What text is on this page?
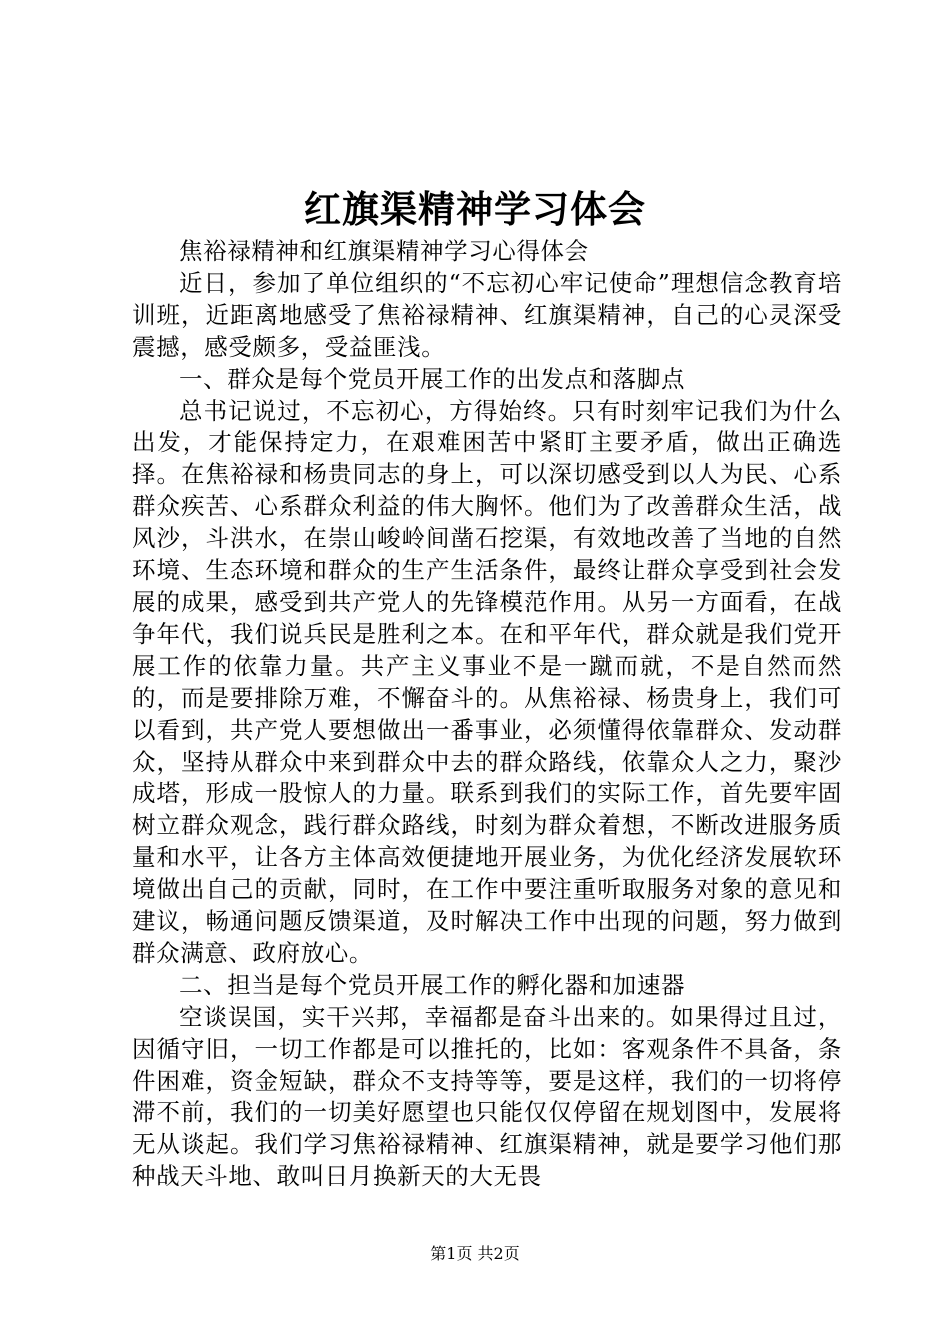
红旗渠精神学习体会

焦裕禄精神和红旗渠精神学习心得体会

近日，参加了单位组织的“不忘初心牢记使命”理想信念教育培训班，近距离地感受了焦裕禄精神、红旗渠精神，自己的心灵深受震撼，感受颇多，受益匪浅。

一、群众是每个党员开展工作的出发点和落脚点

总书记说过，不忘初心，方得始终。只有时刻牢记我们为什么出发，才能保持定力，在艰难困苦中紧盯主要矛盾，做出正确选择。在焦裕禄和杨贵同志的身上，可以深切感受到以人为民、心系群众疾苦、心系群众利益的伟大胸怀。他们为了改善群众生活，战风沙，斗洪水，在崇山峻岭间凿石挖渠，有效地改善了当地的自然环境、生态环境和群众的生产生活条件，最终让群众享受到社会发展的成果，感受到共产党人的先锋模范作用。从另一方面看，在战争年代，我们说兵民是胜利之本。在和平年代，群众就是我们党开展工作的依靠力量。共产主义事业不是一蹴而就，不是自然而然的，而是要排除万难，不懈奋斗的。从焦裕禄、杨贵身上，我们可以看到，共产党人要想做出一番事业，必须懂得依靠群众、发动群众，坚持从群众中来到群众中去的群众路线，依靠众人之力，聚沙成塔，形成一股惊人的力量。联系到我们的实际工作，首先要牢固树立群众观念，践行群众路线，时刻为群众着想，不断改进服务质量和水平，让各方主体高效便捷地开展业务，为优化经济发展软环境做出自己的贡献，同时，在工作中要注重听取服务对象的意见和建议，畅通问题反馈渠道，及时解决工作中出现的问题，努力做到群众满意、政府放心。

二、担当是每个党员开展工作的孵化器和加速器

空谈误国，实干兴邦，幸福都是奋斗出来的。如果得过且过，因循守旧，一切工作都是可以推托的，比如：客观条件不具备，条件困难，资金短缺，群众不支持等等，要是这样，我们的一切将停滞不前，我们的一切美好愿望也只能仅仅停留在规划图中，发展将无从谈起。我们学习焦裕禄精神、红旗渠精神，就是要学习他们那种战天斗地、敢叫日月换新天的大无畏

第1页 共2页
